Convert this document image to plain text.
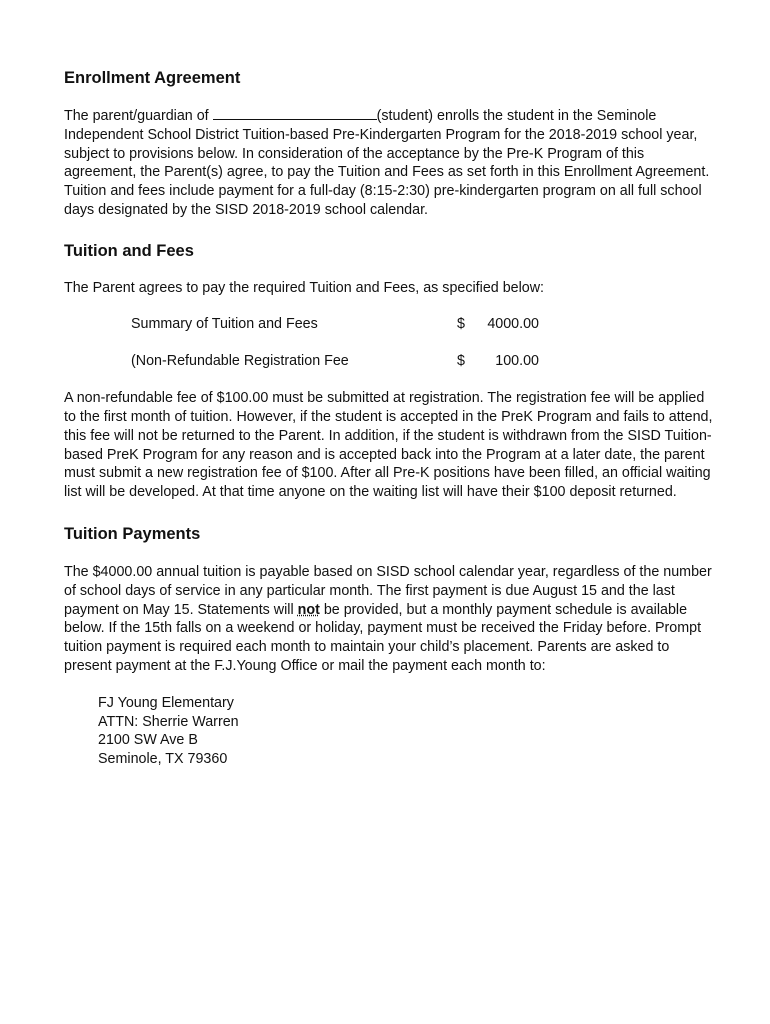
Enrollment Agreement

The parent/guardian of	(student) enrolls the student in the Seminole Independent School District Tuition-based Pre-Kindergarten Program for the 2018-2019 school year, subject to provisions below. In consideration of the acceptance by the Pre-K Program of this agreement, the Parent(s) agree, to pay the Tuition and Fees as set forth in this Enrollment Agreement. Tuition and fees include payment for a full-day (8:15-2:30) pre-kindergarten program on all full school days designated by the SISD 2018-2019 school calendar.

Tuition and Fees

The Parent agrees to pay the required Tuition and Fees, as specified below:

Summary of Tuition and Fees	$ 4000.00
(Non-Refundable Registration Fee	$ 100.00

A non-refundable fee of $100.00 must be submitted at registration. The registration fee will be applied to the first month of tuition. However, if the student is accepted in the PreK Program and fails to attend, this fee will not be returned to the Parent. In addition, if the student is withdrawn from the SISD Tuition-based PreK Program for any reason and is accepted back into the Program at a later date, the parent must submit a new registration fee of $100. After all Pre-K positions have been filled, an official waiting list will be developed. At that time anyone on the waiting list will have their $100 deposit returned.

Tuition Payments

The $4000.00 annual tuition is payable based on SISD school calendar year, regardless of the number of school days of service in any particular month. The first payment is due August 15 and the last payment on May 15. Statements will not be provided, but a monthly payment schedule is available below. If the 15th falls on a weekend or holiday, payment must be received the Friday before. Prompt tuition payment is required each month to maintain your child’s placement. Parents are asked to present payment at the F.J.Young Office or mail the payment each month to:

FJ Young Elementary
ATTN: Sherrie Warren
2100 SW Ave B
Seminole, TX 79360
